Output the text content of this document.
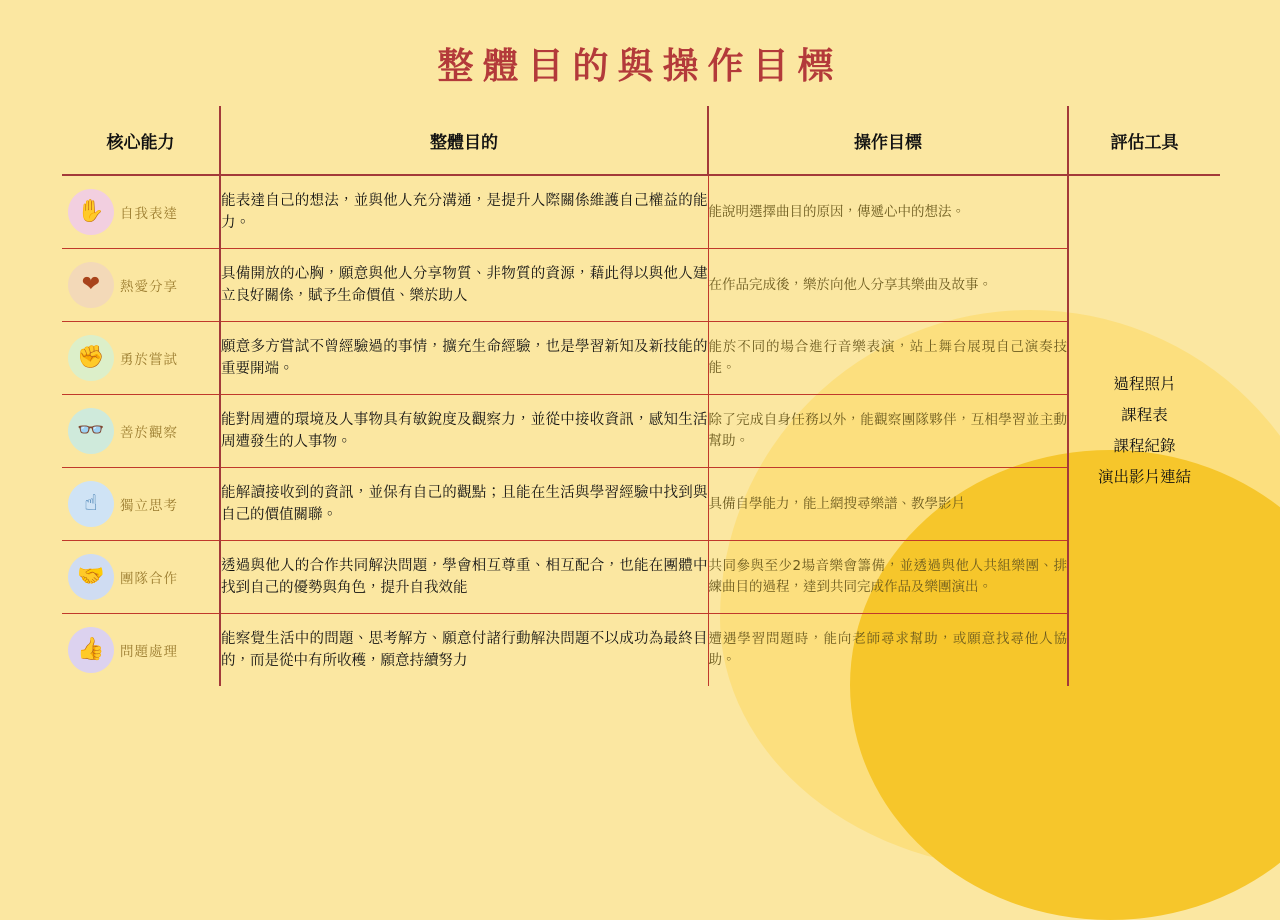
整體目的與操作目標
核心能力	整體目的	操作目標	評估工具

✋ 自我表達	能表達自己的想法，並與他人充分溝通，是提升人際關係維護自己權益的能力。	能說明選擇曲目的原因，傳遞心中的想法。	過程照片
課程表
課程紀錄
演出影片連結

❤ 熱愛分享	具備開放的心胸，願意與他人分享物質、非物質的資源，藉此得以與他人建立良好關係，賦予生命價值、樂於助人	在作品完成後，樂於向他人分享其樂曲及故事。	

✊ 勇於嘗試	願意多方嘗試不曾經驗過的事情，擴充生命經驗，也是學習新知及新技能的重要開端。	能於不同的場合進行音樂表演，站上舞台展現自己演奏技能。	

👓 善於觀察	能對周遭的環境及人事物具有敏銳度及觀察力，並從中接收資訊，感知生活周遭發生的人事物。	除了完成自身任務以外，能觀察團隊夥伴，互相學習並主動幫助。	

☝ 獨立思考	能解讀接收到的資訊，並保有自己的觀點；且能在生活與學習經驗中找到與自己的價值關聯。	具備自學能力，能上網搜尋樂譜、教學影片	

🤝 團隊合作	透過與他人的合作共同解決問題，學會相互尊重、相互配合，也能在團體中找到自己的優勢與角色，提升自我效能	共同參與至少2場音樂會籌備，並透過與他人共組樂團、排練曲目的過程，達到共同完成作品及樂團演出。	

👍 問題處理	能察覺生活中的問題、思考解方、願意付諸行動解決問題不以成功為最終目的，而是從中有所收穫，願意持續努力	遭遇學習問題時，能向老師尋求幫助，或願意找尋他人協助。	
